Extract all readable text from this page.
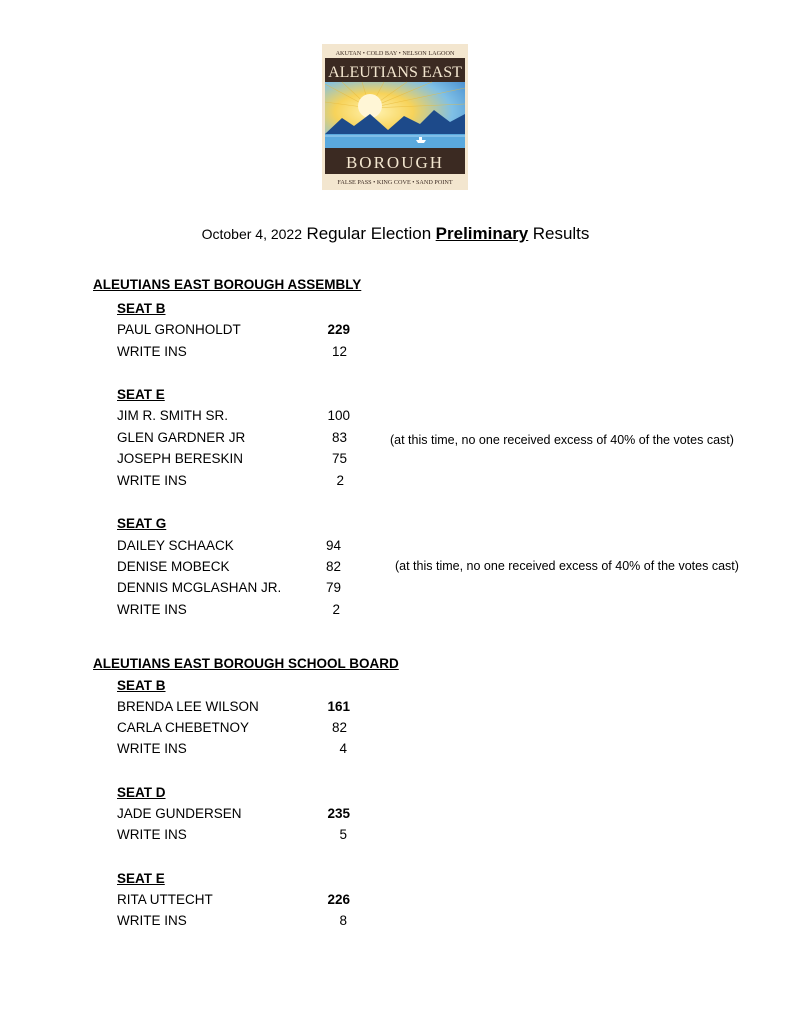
AKUTAN • COLD BAY • NELSON LAGOON
ALEUTIANS EAST
BOROUGH
FALSE PASS • KING COVE • SAND POINT
October 4, 2022 Regular Election Preliminary Results
ALEUTIANS EAST BOROUGH ASSEMBLY
SEAT B
PAUL GRONHOLDT	229
WRITE INS	12
SEAT E
JIM R. SMITH SR.	100
GLEN GARDNER JR	83
JOSEPH BERESKIN	75
WRITE INS	2
(at this time, no one received excess of 40% of the votes cast)
SEAT G
DAILEY SCHAACK	94
DENISE MOBECK	82
DENNIS MCGLASHAN JR.	79
WRITE INS	2
(at this time, no one received excess of 40% of the votes cast)
ALEUTIANS EAST BOROUGH SCHOOL BOARD
SEAT B
BRENDA LEE WILSON	161
CARLA CHEBETNOY	82
WRITE INS	4
SEAT D
JADE GUNDERSEN	235
WRITE INS	5
SEAT E
RITA UTTECHT	226
WRITE INS	8
